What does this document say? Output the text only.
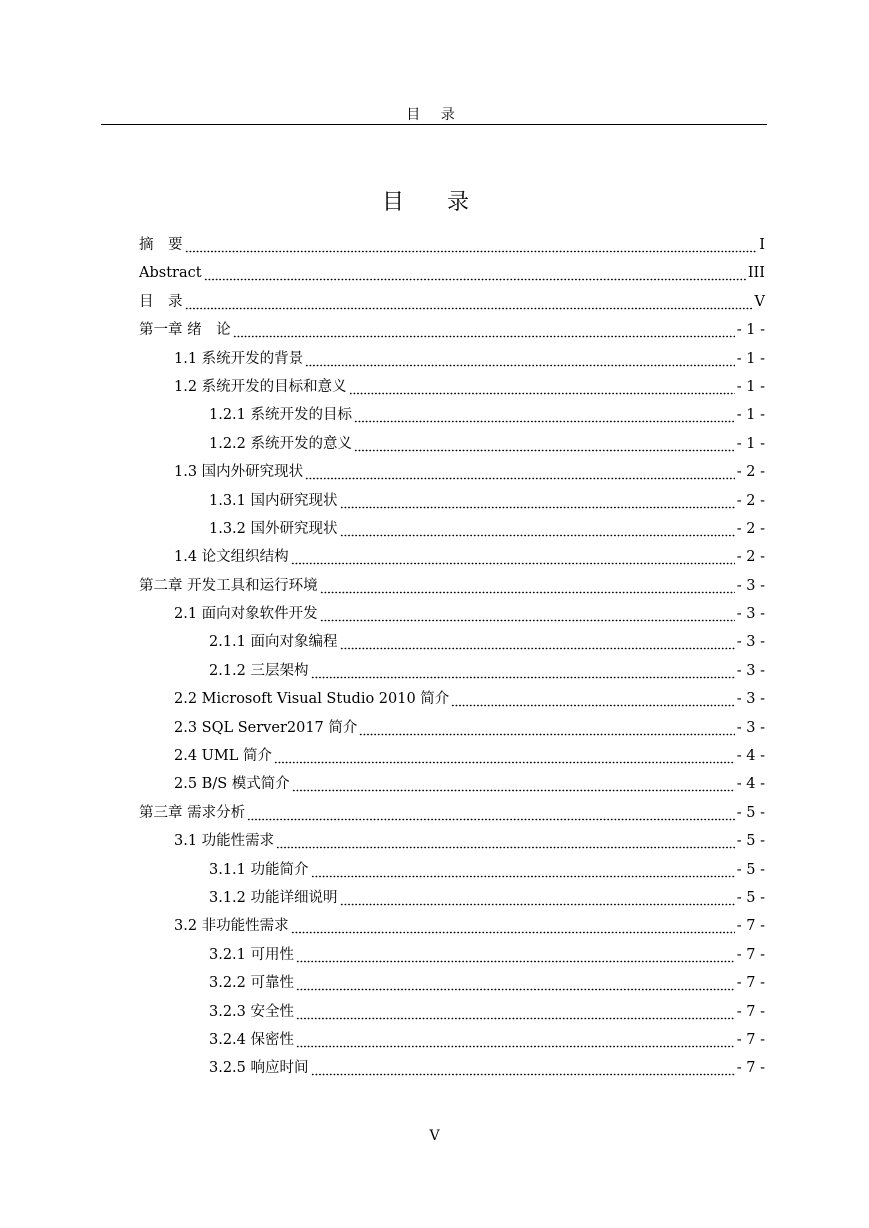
目 录
目 录
摘　要	I
Abstract	III
目　录	V
第一章 绪　论	- 1 -
1.1 系统开发的背景	- 1 -
1.2 系统开发的目标和意义	- 1 -
1.2.1 系统开发的目标	- 1 -
1.2.2 系统开发的意义	- 1 -
1.3 国内外研究现状	- 2 -
1.3.1 国内研究现状	- 2 -
1.3.2 国外研究现状	- 2 -
1.4 论文组织结构	- 2 -
第二章 开发工具和运行环境	- 3 -
2.1 面向对象软件开发	- 3 -
2.1.1 面向对象编程	- 3 -
2.1.2 三层架构	- 3 -
2.2 Microsoft Visual Studio 2010 简介	- 3 -
2.3 SQL Server2017 简介	- 3 -
2.4 UML 简介	- 4 -
2.5 B/S 模式简介	- 4 -
第三章 需求分析	- 5 -
3.1 功能性需求	- 5 -
3.1.1 功能简介	- 5 -
3.1.2 功能详细说明	- 5 -
3.2 非功能性需求	- 7 -
3.2.1 可用性	- 7 -
3.2.2 可靠性	- 7 -
3.2.3 安全性	- 7 -
3.2.4 保密性	- 7 -
3.2.5 响应时间	- 7 -
V
